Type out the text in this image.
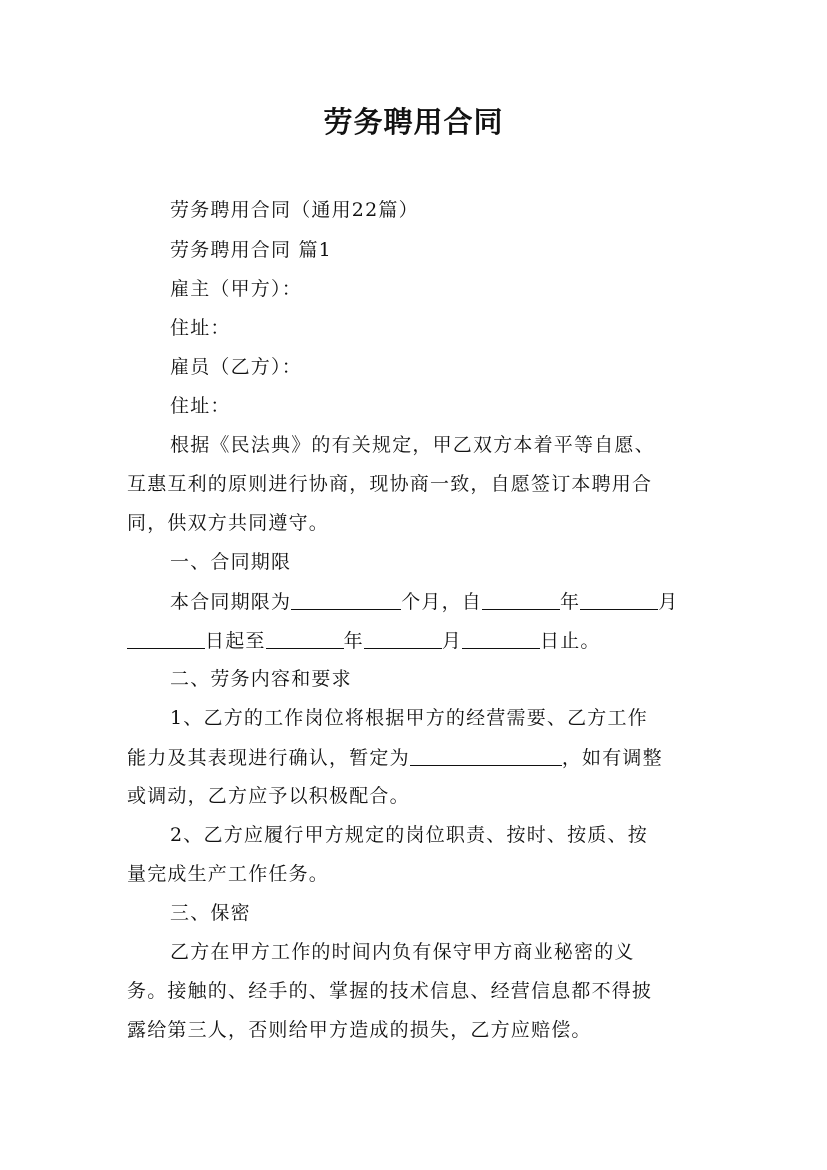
劳务聘用合同
劳务聘用合同（通用22篇）
劳务聘用合同 篇1
雇主（甲方）：
住址：
雇员（乙方）：
住址：
根据《民法典》的有关规定，甲乙双方本着平等自愿、
互惠互利的原则进行协商，现协商一致，自愿签订本聘用合
同，供双方共同遵守。
一、合同期限
本合同期限为	个月，自	年	月
日起至	年	月	日止。
二、劳务内容和要求
1、乙方的工作岗位将根据甲方的经营需要、乙方工作
能力及其表现进行确认，暂定为	，如有调整
或调动，乙方应予以积极配合。
2、乙方应履行甲方规定的岗位职责、按时、按质、按
量完成生产工作任务。
三、保密
乙方在甲方工作的时间内负有保守甲方商业秘密的义
务。接触的、经手的、掌握的技术信息、经营信息都不得披
露给第三人，否则给甲方造成的损失，乙方应赔偿。
